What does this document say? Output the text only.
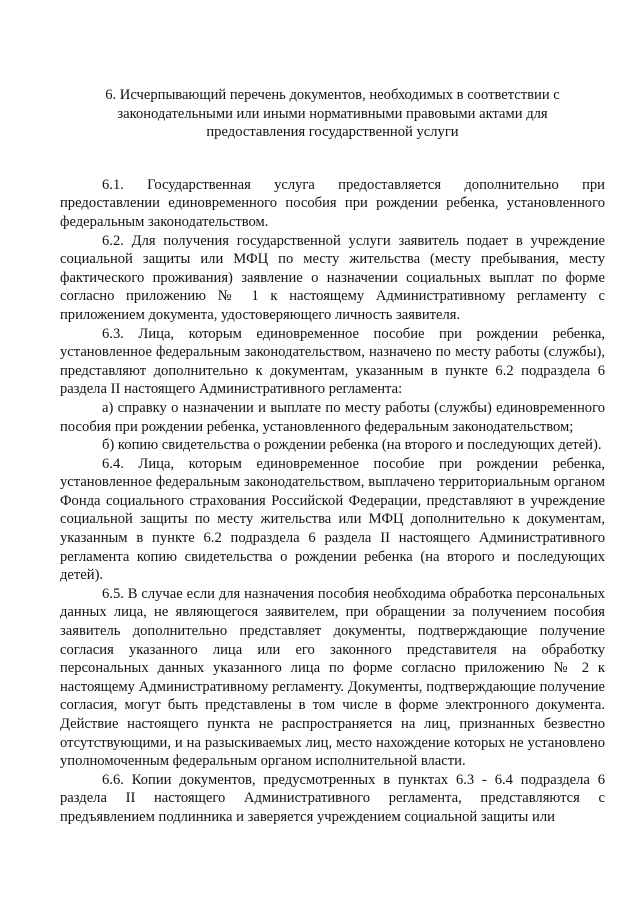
6. Исчерпывающий перечень документов, необходимых в соответствии с законодательными или иными нормативными правовыми актами для предоставления государственной услуги

6.1. Государственная услуга предоставляется дополнительно при предоставлении единовременного пособия при рождении ребенка, установленного федеральным законодательством.

6.2. Для получения государственной услуги заявитель подает в учреждение социальной защиты или МФЦ по месту жительства (месту пребывания, месту фактического проживания) заявление о назначении социальных выплат по форме согласно приложению № 1 к настоящему Административному регламенту с приложением документа, удостоверяющего личность заявителя.

6.3. Лица, которым единовременное пособие при рождении ребенка, установленное федеральным законодательством, назначено по месту работы (службы), представляют дополнительно к документам, указанным в пункте 6.2 подраздела 6 раздела II настоящего Административного регламента:

а) справку о назначении и выплате по месту работы (службы) единовременного пособия при рождении ребенка, установленного федеральным законодательством;

б) копию свидетельства о рождении ребенка (на второго и последующих детей).

6.4. Лица, которым единовременное пособие при рождении ребенка, установленное федеральным законодательством, выплачено территориальным органом Фонда социального страхования Российской Федерации, представляют в учреждение социальной защиты по месту жительства или МФЦ дополнительно к документам, указанным в пункте 6.2 подраздела 6 раздела II настоящего Административного регламента копию свидетельства о рождении ребенка (на второго и последующих детей).

6.5. В случае если для назначения пособия необходима обработка персональных данных лица, не являющегося заявителем, при обращении за получением пособия заявитель дополнительно представляет документы, подтверждающие получение согласия указанного лица или его законного представителя на обработку персональных данных указанного лица по форме согласно приложению № 2 к настоящему Административному регламенту. Документы, подтверждающие получение согласия, могут быть представлены в том числе в форме электронного документа. Действие настоящего пункта не распространяется на лиц, признанных безвестно отсутствующими, и на разыскиваемых лиц, место нахождение которых не установлено уполномоченным федеральным органом исполнительной власти.

6.6. Копии документов, предусмотренных в пунктах 6.3 - 6.4 подраздела 6 раздела II настоящего Административного регламента, представляются с предъявлением подлинника и заверяется учреждением социальной защиты или
